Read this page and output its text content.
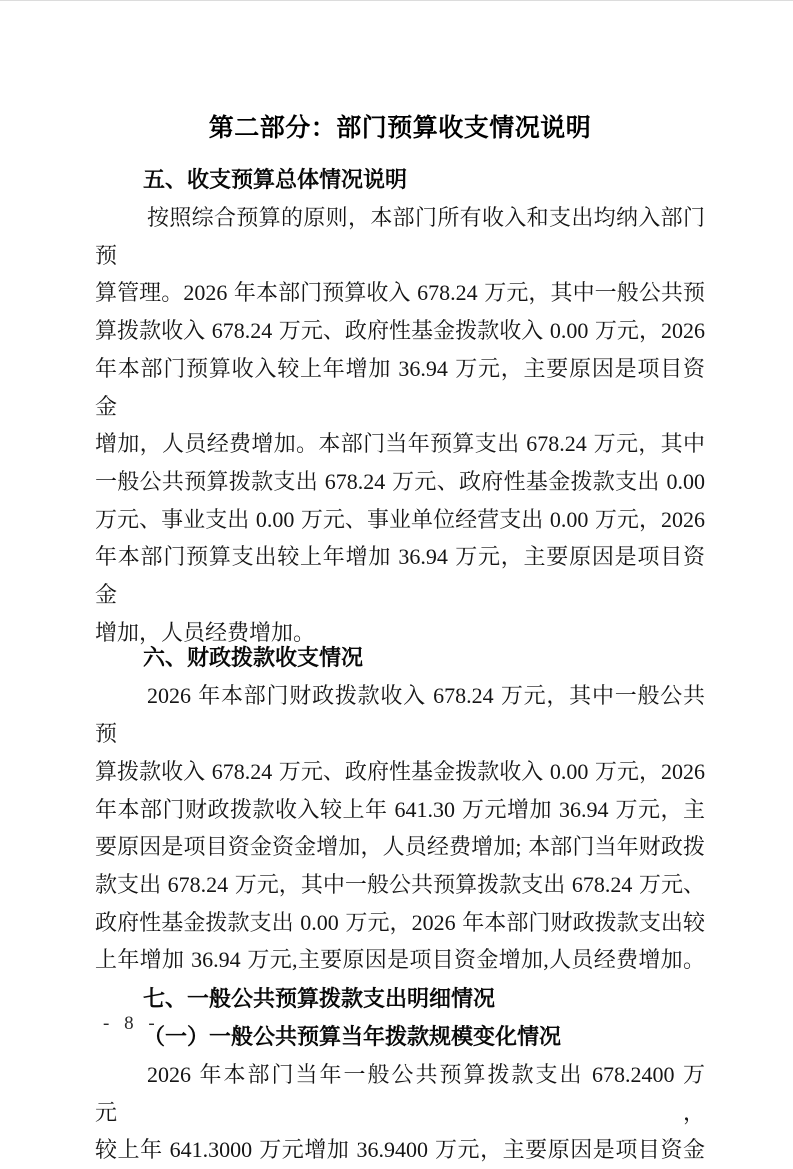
第二部分：部门预算收支情况说明
五、收支预算总体情况说明
按照综合预算的原则，本部门所有收入和支出均纳入部门预
算管理。2026 年本部门预算收入 678.24 万元，其中一般公共预
算拨款收入 678.24 万元、政府性基金拨款收入 0.00 万元，2026
年本部门预算收入较上年增加 36.94 万元，主要原因是项目资金
增加，人员经费增加。本部门当年预算支出 678.24 万元，其中
一般公共预算拨款支出 678.24 万元、政府性基金拨款支出 0.00
万元、事业支出 0.00 万元、事业单位经营支出 0.00 万元，2026
年本部门预算支出较上年增加 36.94 万元，主要原因是项目资金
增加，人员经费增加。
六、财政拨款收支情况
2026 年本部门财政拨款收入 678.24 万元，其中一般公共预
算拨款收入 678.24 万元、政府性基金拨款收入 0.00 万元，2026
年本部门财政拨款收入较上年 641.30 万元增加 36.94 万元，主
要原因是项目资金资金增加，人员经费增加; 本部门当年财政拨
款支出 678.24 万元，其中一般公共预算拨款支出 678.24 万元、
政府性基金拨款支出 0.00 万元，2026 年本部门财政拨款支出较
上年增加 36.94 万元,主要原因是项目资金增加,人员经费增加。
七、一般公共预算拨款支出明细情况
（一）一般公共预算当年拨款规模变化情况
2026 年本部门当年一般公共预算拨款支出 678.2400 万元，
较上年 641.3000 万元增加 36.9400 万元，主要原因是项目资金
- 8 -
